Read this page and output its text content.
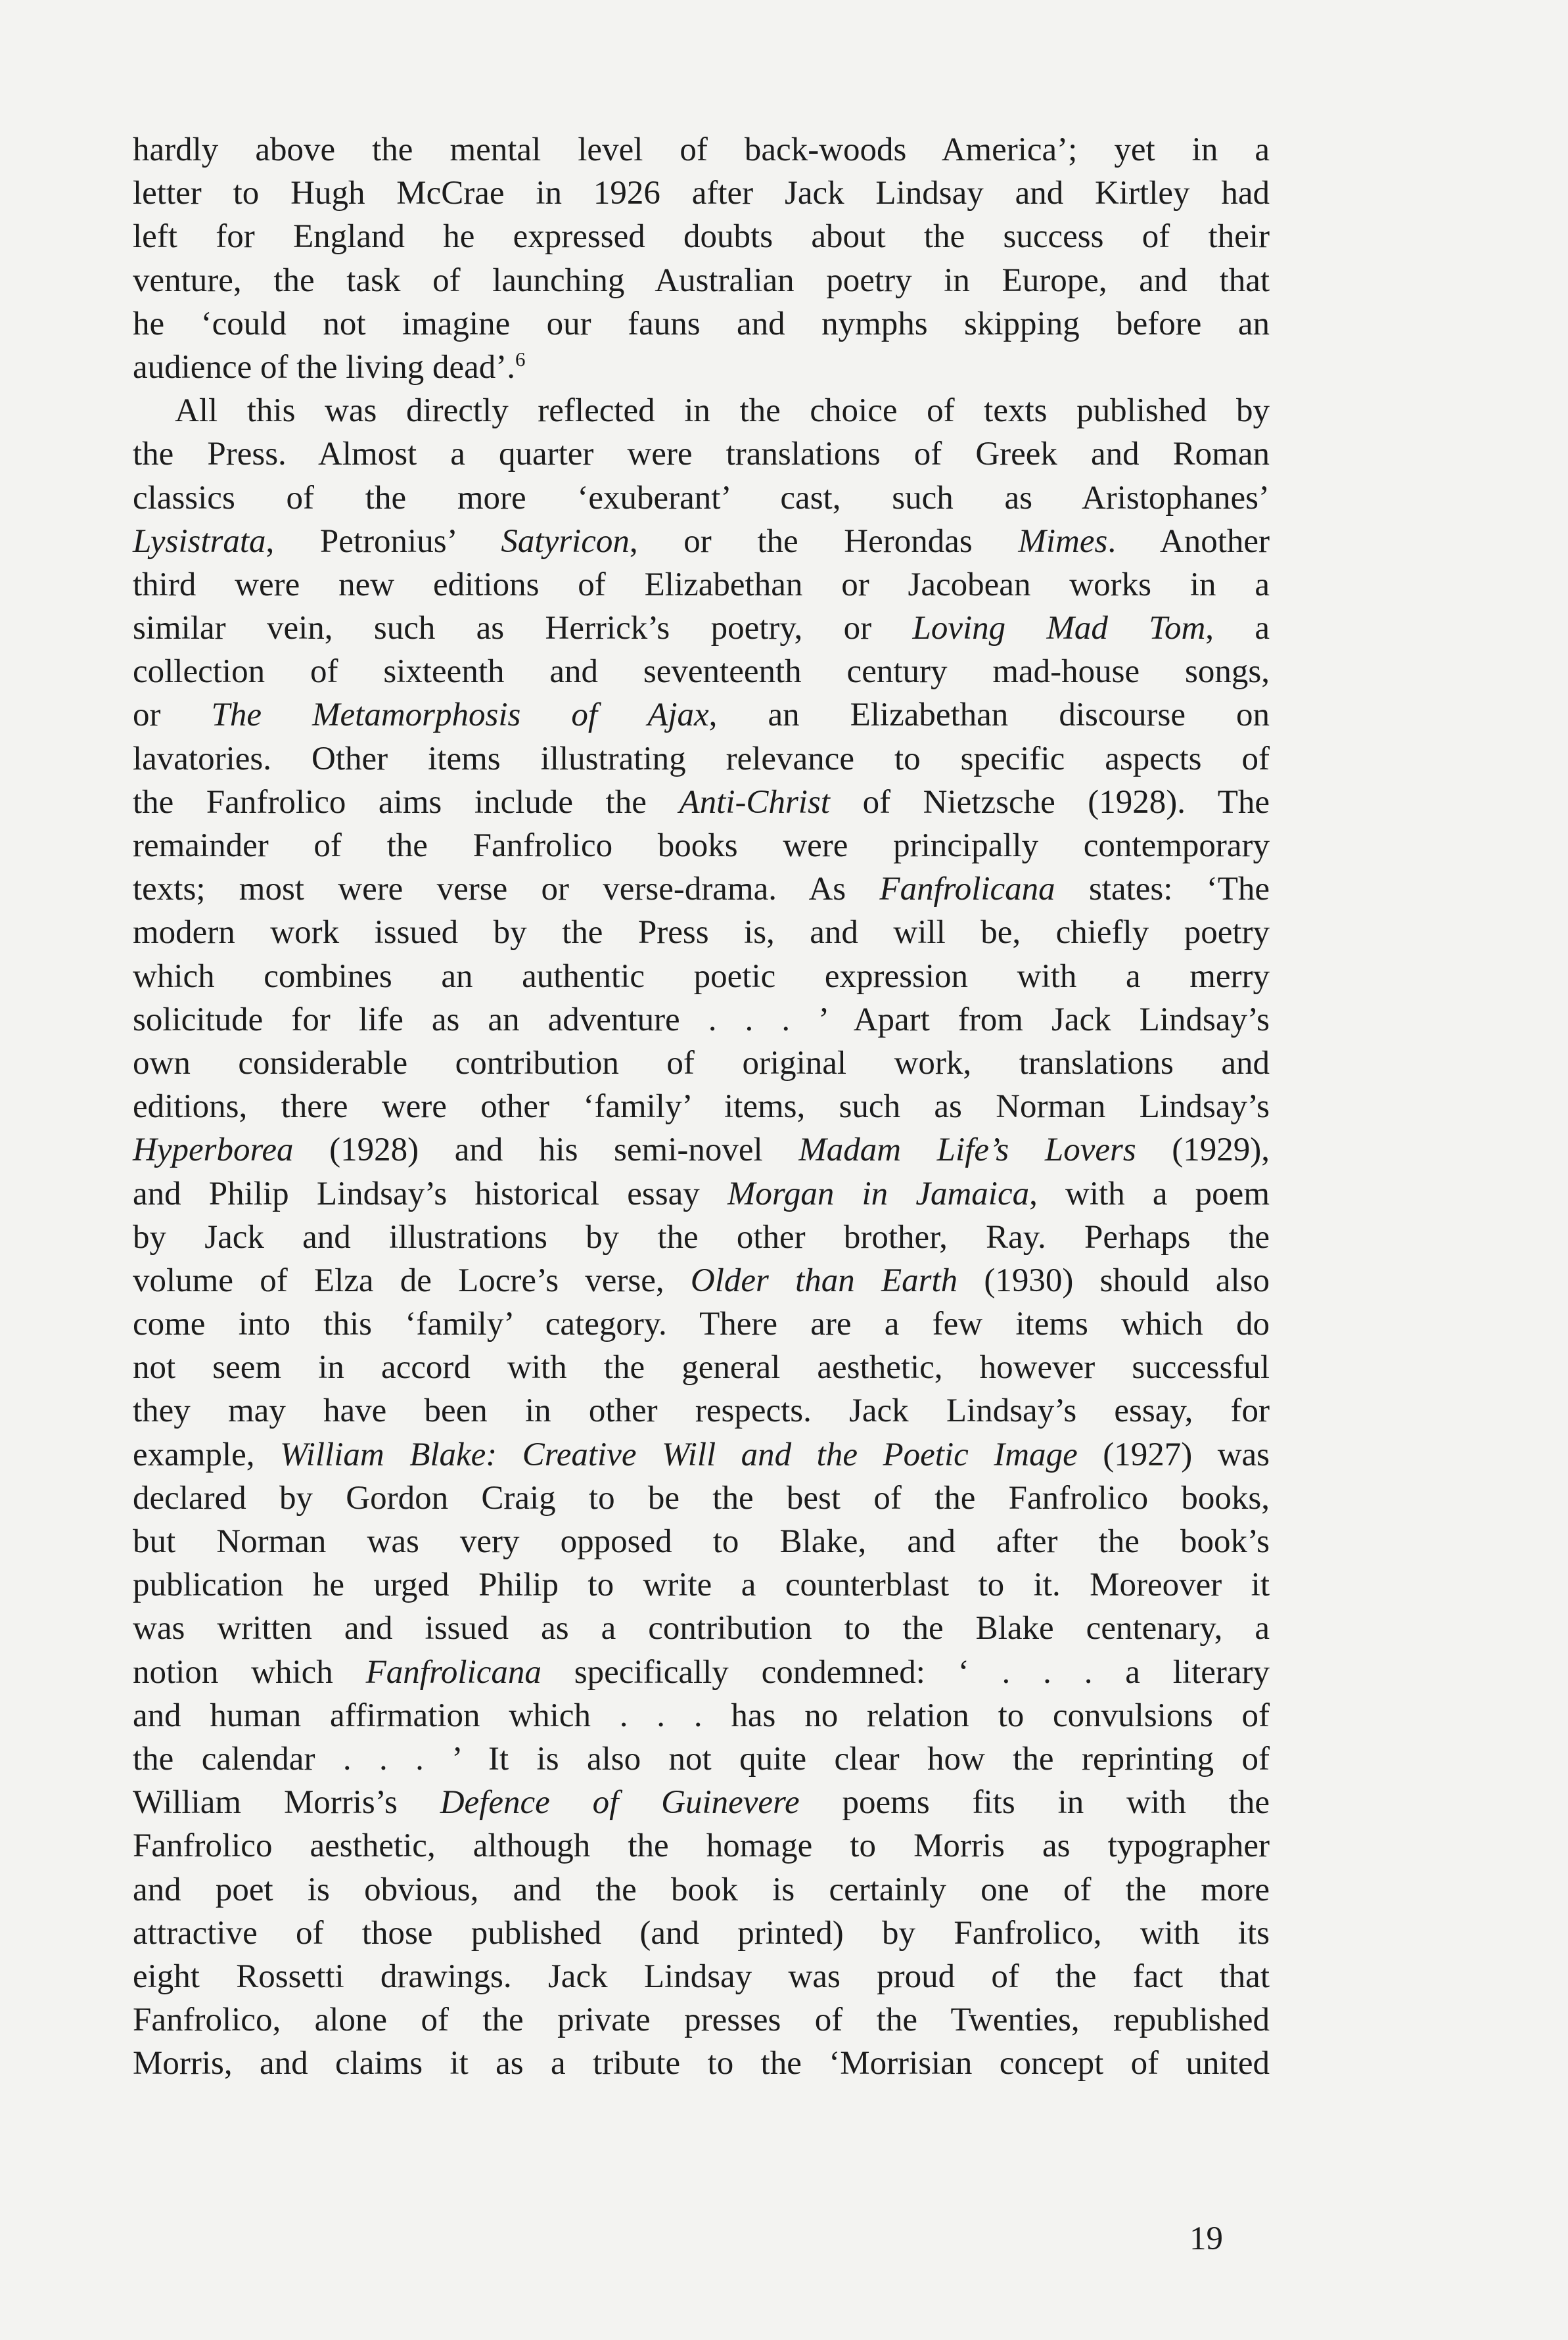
hardly above the mental level of back-woods America’; yet in a
letter to Hugh McCrae in 1926 after Jack Lindsay and Kirtley had
left for England he expressed doubts about the success of their
venture, the task of launching Australian poetry in Europe, and that
he ‘could not imagine our fauns and nymphs skipping before an
audience of the living dead’.$^6$
All this was directly reflected in the choice of texts published by
the Press. Almost a quarter were translations of Greek and Roman
classics of the more ‘exuberant’ cast, such as Aristophanes’
Lysistrata, Petronius’ Satyricon, or the Herondas Mimes. Another
third were new editions of Elizabethan or Jacobean works in a
similar vein, such as Herrick’s poetry, or Loving Mad Tom, a
collection of sixteenth and seventeenth century mad-house songs,
or The Metamorphosis of Ajax, an Elizabethan discourse on
lavatories. Other items illustrating relevance to specific aspects of
the Fanfrolico aims include the Anti-Christ of Nietzsche (1928). The
remainder of the Fanfrolico books were principally contemporary
texts; most were verse or verse-drama. As Fanfrolicana states: ‘The
modern work issued by the Press is, and will be, chiefly poetry
which combines an authentic poetic expression with a merry
solicitude for life as an adventure . . . ’ Apart from Jack Lindsay’s
own considerable contribution of original work, translations and
editions, there were other ‘family’ items, such as Norman Lindsay’s
Hyperborea (1928) and his semi-novel Madam Life’s Lovers (1929),
and Philip Lindsay’s historical essay Morgan in Jamaica, with a poem
by Jack and illustrations by the other brother, Ray. Perhaps the
volume of Elza de Locre’s verse, Older than Earth (1930) should also
come into this ‘family’ category. There are a few items which do
not seem in accord with the general aesthetic, however successful
they may have been in other respects. Jack Lindsay’s essay, for
example, William Blake: Creative Will and the Poetic Image (1927) was
declared by Gordon Craig to be the best of the Fanfrolico books,
but Norman was very opposed to Blake, and after the book’s
publication he urged Philip to write a counterblast to it. Moreover it
was written and issued as a contribution to the Blake centenary, a
notion which Fanfrolicana specifically condemned: ‘ . . . a literary
and human affirmation which . . . has no relation to convulsions of
the calendar . . . ’ It is also not quite clear how the reprinting of
William Morris’s Defence of Guinevere poems fits in with the
Fanfrolico aesthetic, although the homage to Morris as typographer
and poet is obvious, and the book is certainly one of the more
attractive of those published (and printed) by Fanfrolico, with its
eight Rossetti drawings. Jack Lindsay was proud of the fact that
Fanfrolico, alone of the private presses of the Twenties, republished
Morris, and claims it as a tribute to the ‘Morrisian concept of united
19
